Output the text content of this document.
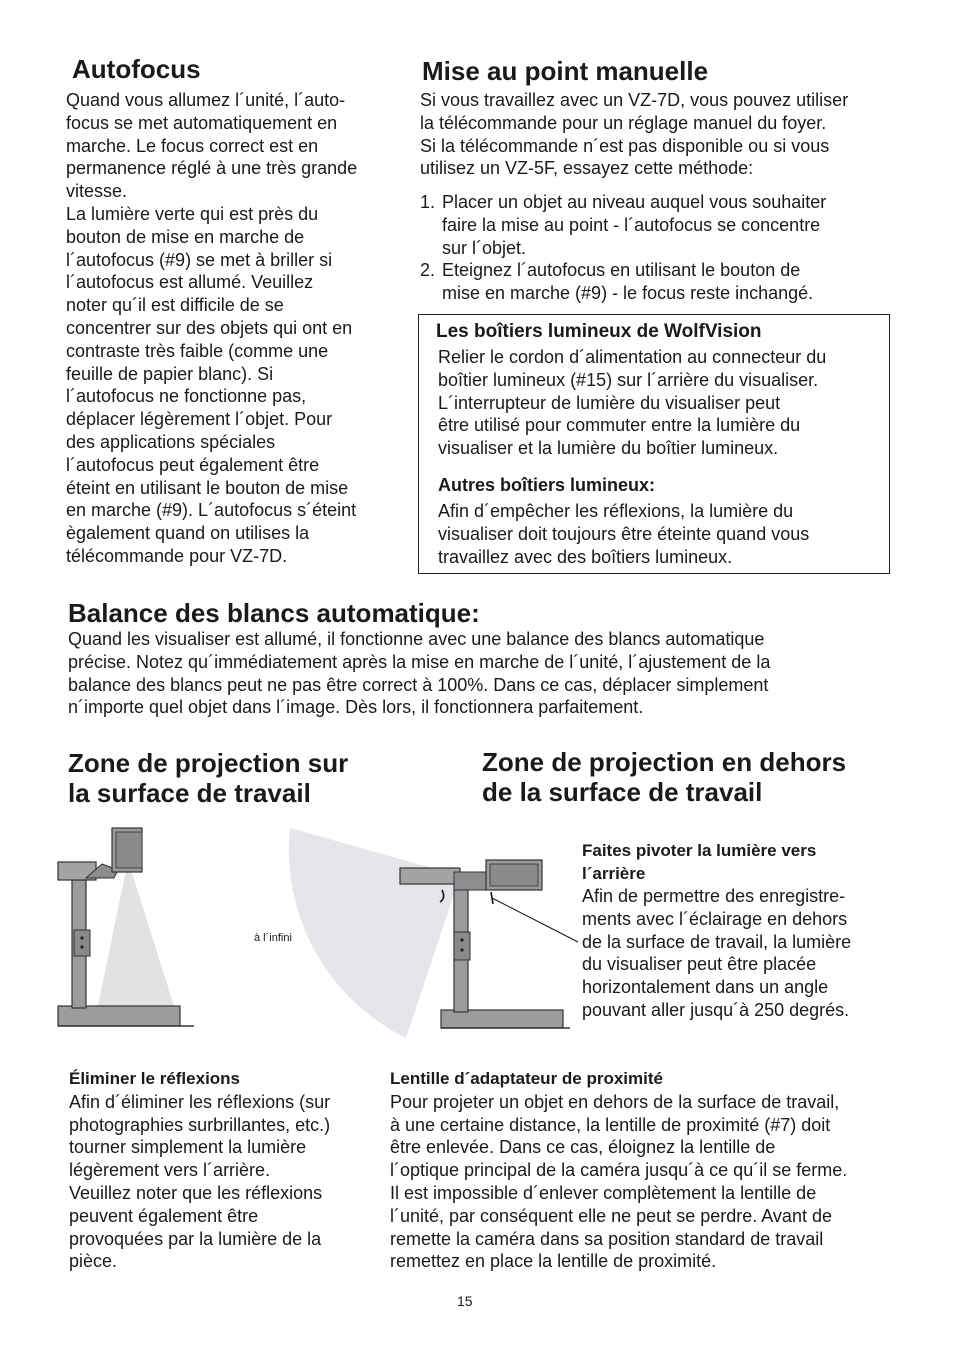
Autofocus
Quand vous allumez l´unité, l´auto-
focus se met automatiquement en
marche. Le focus correct est en
permanence réglé à une très grande
vitesse.
La lumière verte qui est près du
bouton de mise en marche de
l´autofocus (#9) se met à briller si
l´autofocus est allumé. Veuillez
noter qu´il est difficile de se
concentrer sur des objets qui ont en
contraste très faible (comme une
feuille de papier blanc). Si
l´autofocus ne fonctionne pas,
déplacer légèrement l´objet. Pour
des applications spéciales
l´autofocus peut également être
éteint en utilisant le bouton de mise
en marche (#9). L´autofocus s´éteint
ègalement quand on utilises la
télécommande pour VZ-7D.
Mise au point manuelle
Si vous travaillez avec un VZ-7D, vous pouvez utiliser
la télécommande pour un réglage manuel du foyer.
Si la télécommande n´est pas disponible ou si vous
utilisez un VZ-5F, essayez cette méthode:
1. Placer un objet au niveau auquel vous souhaiter
faire la mise au point - l´autofocus se concentre
sur l´objet.
2. Eteignez l´autofocus en utilisant le bouton de
mise en marche (#9) - le focus reste inchangé.
Les boîtiers lumineux de WolfVision
Relier le cordon d´alimentation au connecteur du
boîtier lumineux (#15) sur l´arrière du visualiser.
L´interrupteur de lumière du visualiser peut
être utilisé pour commuter entre la lumière du
visualiser et la lumière du boîtier lumineux.
Autres boîtiers lumineux:
Afin d´empêcher les réflexions, la lumière du
visualiser doit toujours être éteinte quand vous
travaillez avec des boîtiers lumineux.
Balance des blancs automatique:
Quand les visualiser est allumé, il fonctionne avec une balance des blancs automatique
précise. Notez qu´immédiatement après la mise en marche de l´unité, l´ajustement de la
balance des blancs peut ne pas être correct à 100%. Dans ce cas, déplacer simplement
n´importe quel objet dans l´image. Dès lors, il fonctionnera parfaitement.
Zone de projection sur
la surface de travail
Zone de projection en dehors
de la surface de travail
à l´infini
Faites pivoter la lumière vers
l´arrière
Afin de permettre des enregistre-
ments avec l´éclairage en dehors
de la surface de travail, la lumière
du visualiser peut être placée
horizontalement dans un angle
pouvant aller jusqu´à 250 degrés.
Éliminer le réflexions
Afin d´éliminer les réflexions (sur
photographies surbrillantes, etc.)
tourner simplement la lumière
légèrement vers l´arrière.
Veuillez noter que les réflexions
peuvent également être
provoquées par la lumière de la
pièce.
Lentille d´adaptateur de proximité
Pour projeter un objet en dehors de la surface de travail,
à une certaine distance, la lentille de proximité (#7) doit
être enlevée. Dans ce cas, éloignez la lentille de
l´optique principal de la caméra jusqu´à ce qu´il se ferme.
Il est impossible d´enlever complètement la lentille de
l´unité, par conséquent elle ne peut se perdre. Avant de
remette la caméra dans sa position standard de travail
remettez en place la lentille de proximité.
15
